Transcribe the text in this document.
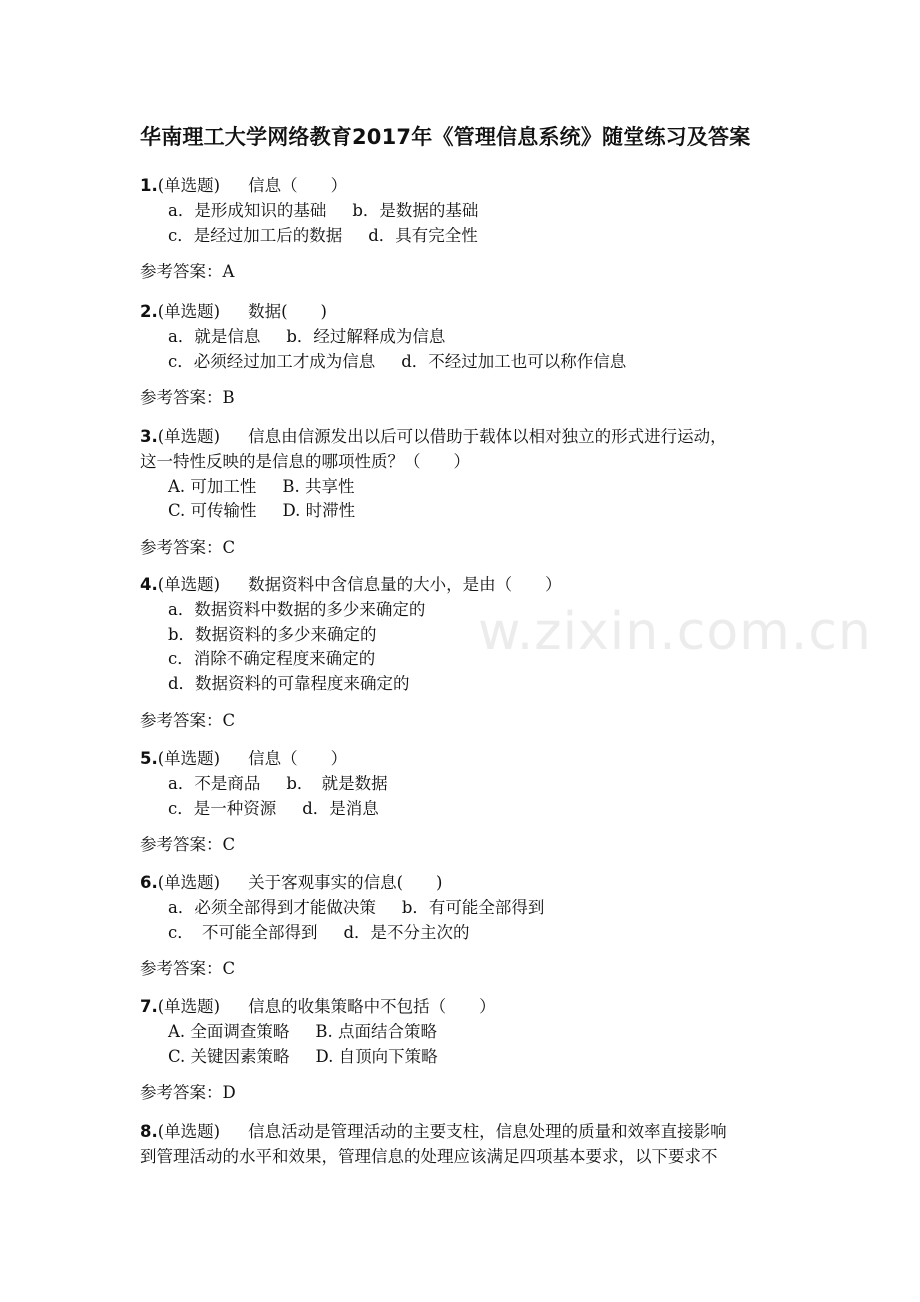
华南理工大学网络教育2017年《管理信息系统》随堂练习及答案
w.zixin.com.cn
1.(单选题) 信息（　　）
a．是形成知识的基础 b．是数据的基础
c．是经过加工后的数据 d．具有完全性
参考答案：A
2.(单选题) 数据(　　)
a．就是信息 b．经过解释成为信息
c．必须经过加工才成为信息 d．不经过加工也可以称作信息
参考答案：B
3.(单选题) 信息由信源发出以后可以借助于载体以相对独立的形式进行运动，
这一特性反映的是信息的哪项性质？（　　）
A. 可加工性 B. 共享性
C. 可传输性 D. 时滞性
参考答案：C
4.(单选题) 数据资料中含信息量的大小，是由（　　）
a．数据资料中数据的多少来确定的
b．数据资料的多少来确定的
c．消除不确定程度来确定的
d．数据资料的可靠程度来确定的
参考答案：C
5.(单选题) 信息（　　）
a．不是商品 b．　就是数据
c．是一种资源 d．是消息
参考答案：C
6.(单选题) 关于客观事实的信息(　　)
a．必须全部得到才能做决策 b．有可能全部得到
c．　不可能全部得到 d．是不分主次的
参考答案：C
7.(单选题) 信息的收集策略中不包括（　　）
A. 全面调查策略 B. 点面结合策略
C. 关键因素策略 D. 自顶向下策略
参考答案：D
8.(单选题) 信息活动是管理活动的主要支柱，信息处理的质量和效率直接影响
到管理活动的水平和效果，管理信息的处理应该满足四项基本要求，以下要求不
